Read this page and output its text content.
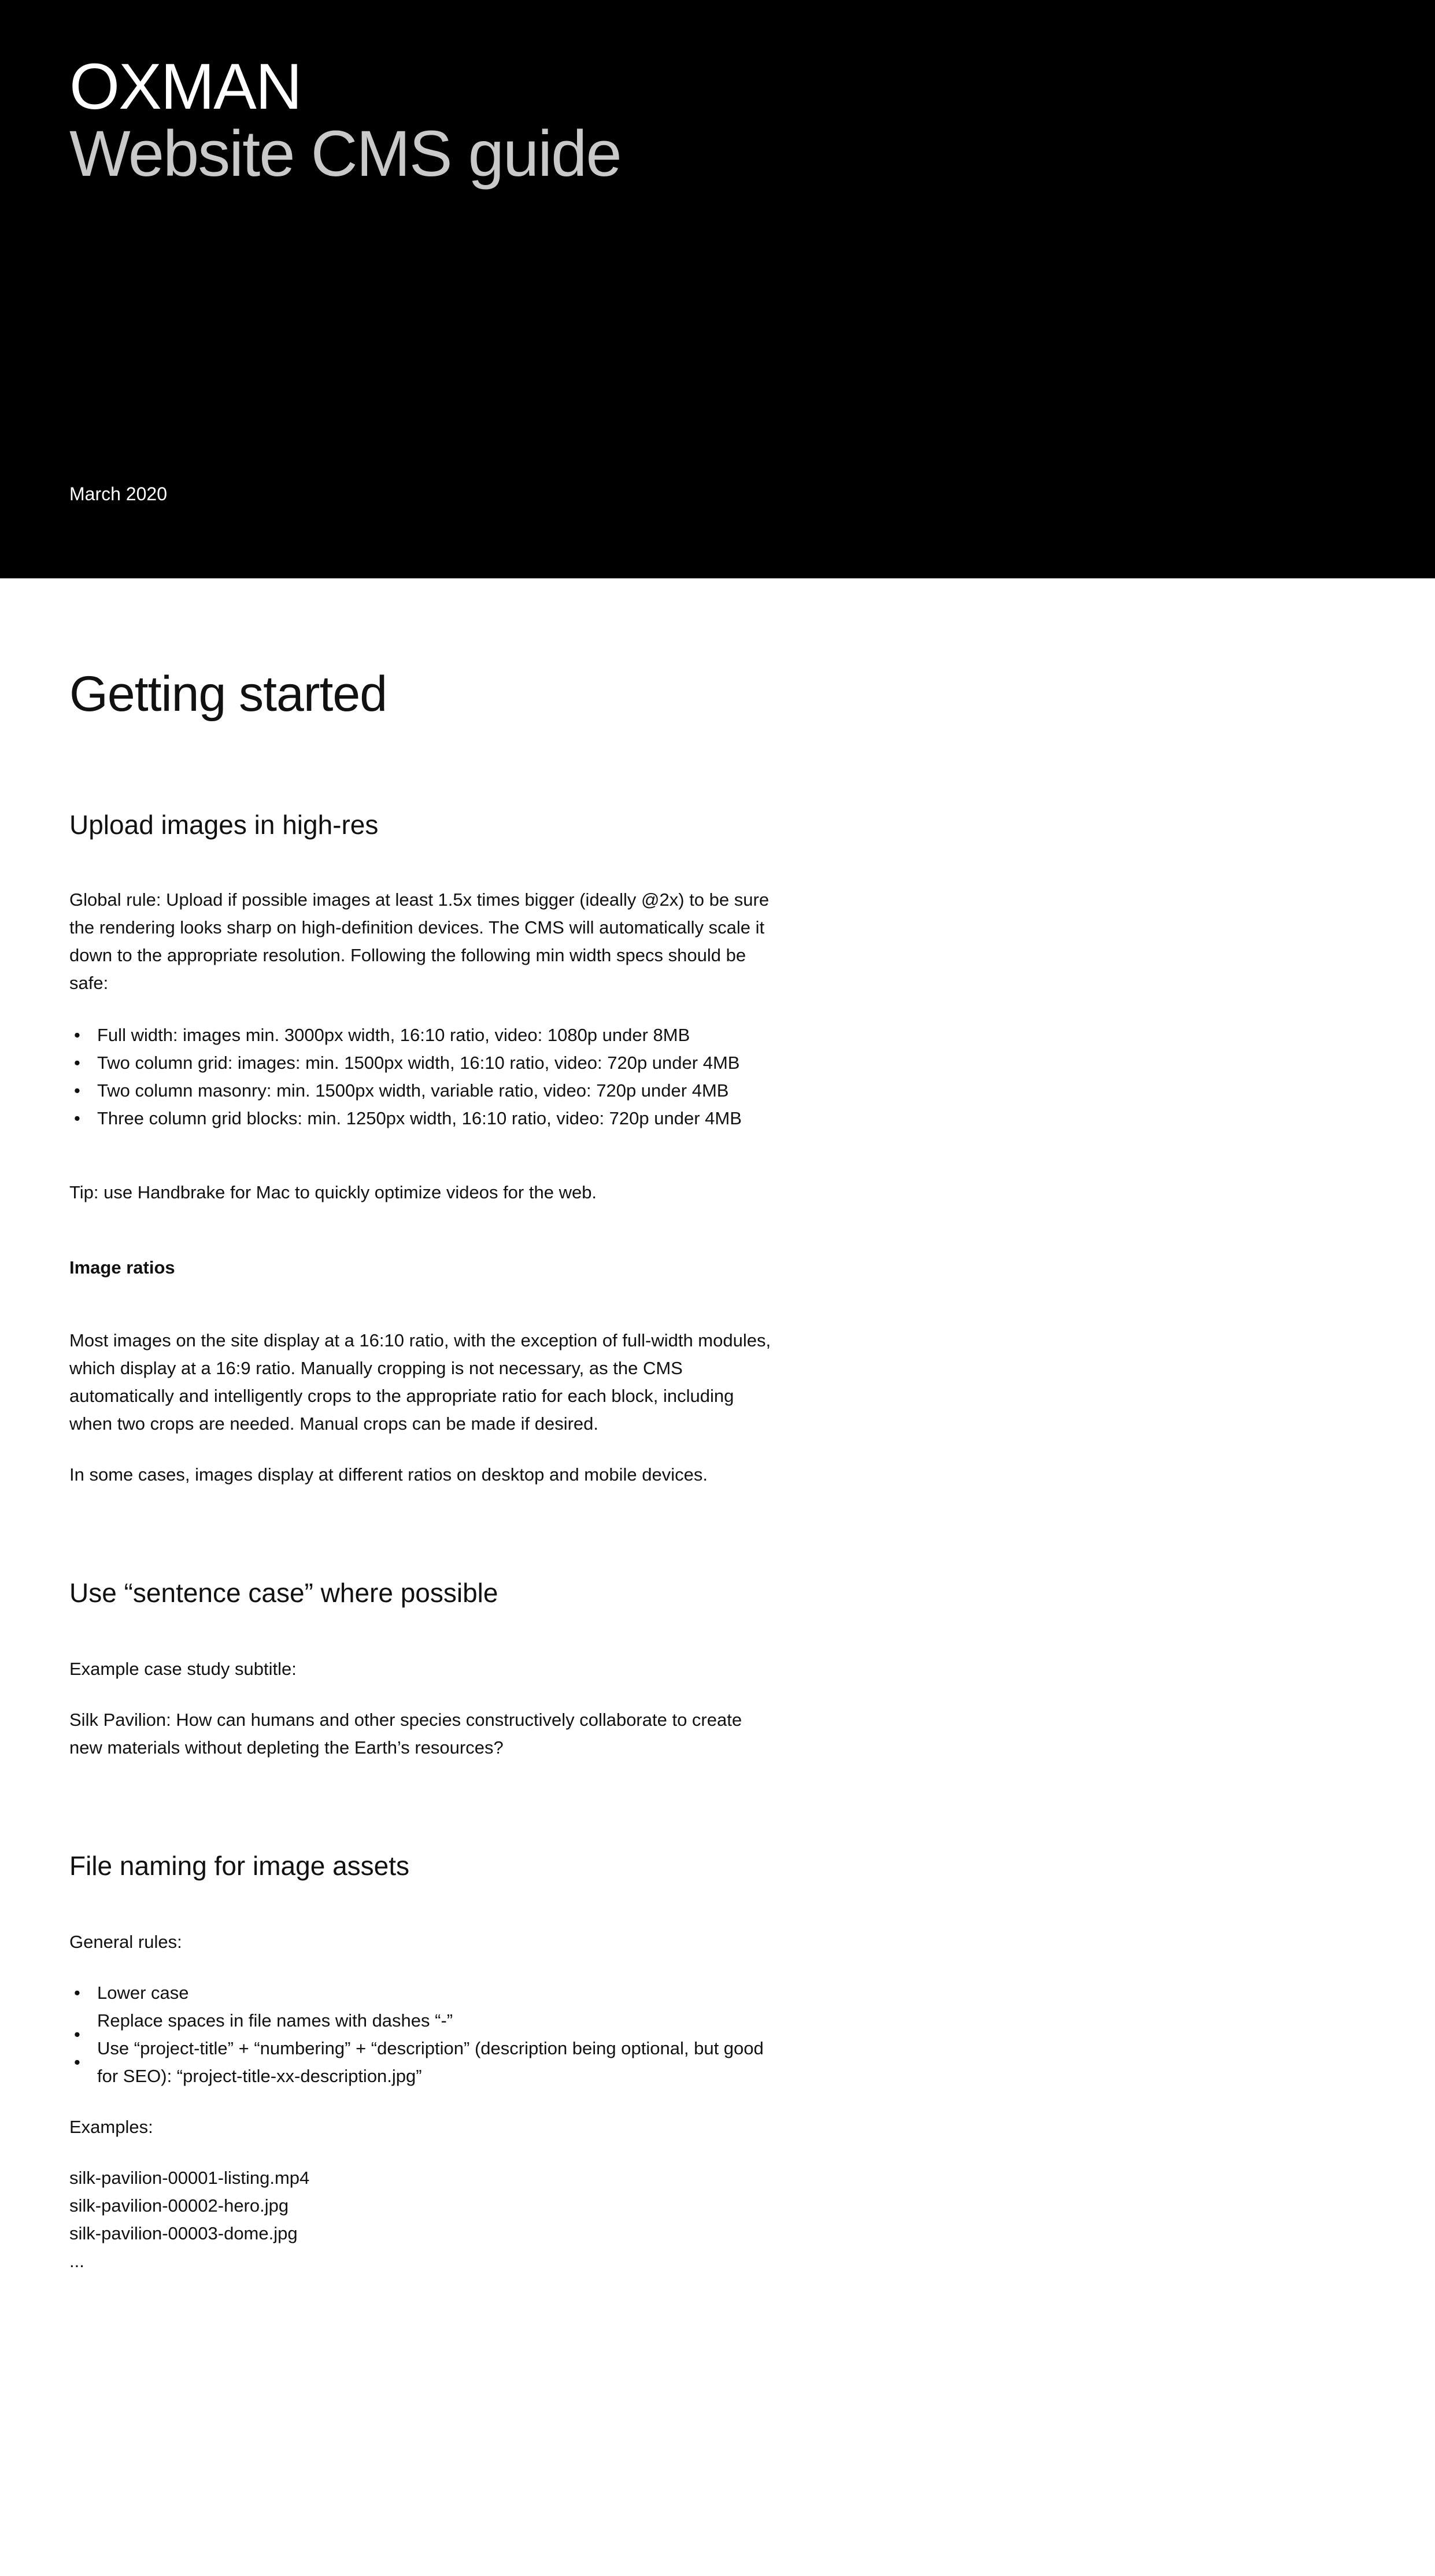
OXMAN
Website CMS guide

March 2020

Getting started
Upload images in high-res

Global rule: Upload if possible images at least 1.5x times bigger (ideally @2x) to be sure the rendering looks sharp on high-definition devices. The CMS will automatically scale it down to the appropriate resolution. Following the following min width specs should be safe:

• Full width: images min. 3000px width, 16:10 ratio, video: 1080p under 8MB
• Two column grid: images: min. 1500px width, 16:10 ratio, video: 720p under 4MB
• Two column masonry: min. 1500px width, variable ratio, video: 720p under 4MB
• Three column grid blocks: min. 1250px width, 16:10 ratio, video: 720p under 4MB

Tip: use Handbrake for Mac to quickly optimize videos for the web.

Image ratios

Most images on the site display at a 16:10 ratio, with the exception of full-width modules, which display at a 16:9 ratio. Manually cropping is not necessary, as the CMS automatically and intelligently crops to the appropriate ratio for each block, including when two crops are needed. Manual crops can be made if desired.

In some cases, images display at different ratios on desktop and mobile devices.

Use “sentence case” where possible

Example case study subtitle:

Silk Pavilion: How can humans and other species constructively collaborate to create new materials without depleting the Earth’s resources?

File naming for image assets

General rules:

• Lower case
•
Replace spaces in file names with dashes “-”
•
Use “project-title” + “numbering” + “description” (description being optional, but good for SEO): “project-title-xx-description.jpg”

Examples:

silk-pavilion-00001-listing.mp4
silk-pavilion-00002-hero.jpg
silk-pavilion-00003-dome.jpg
...
